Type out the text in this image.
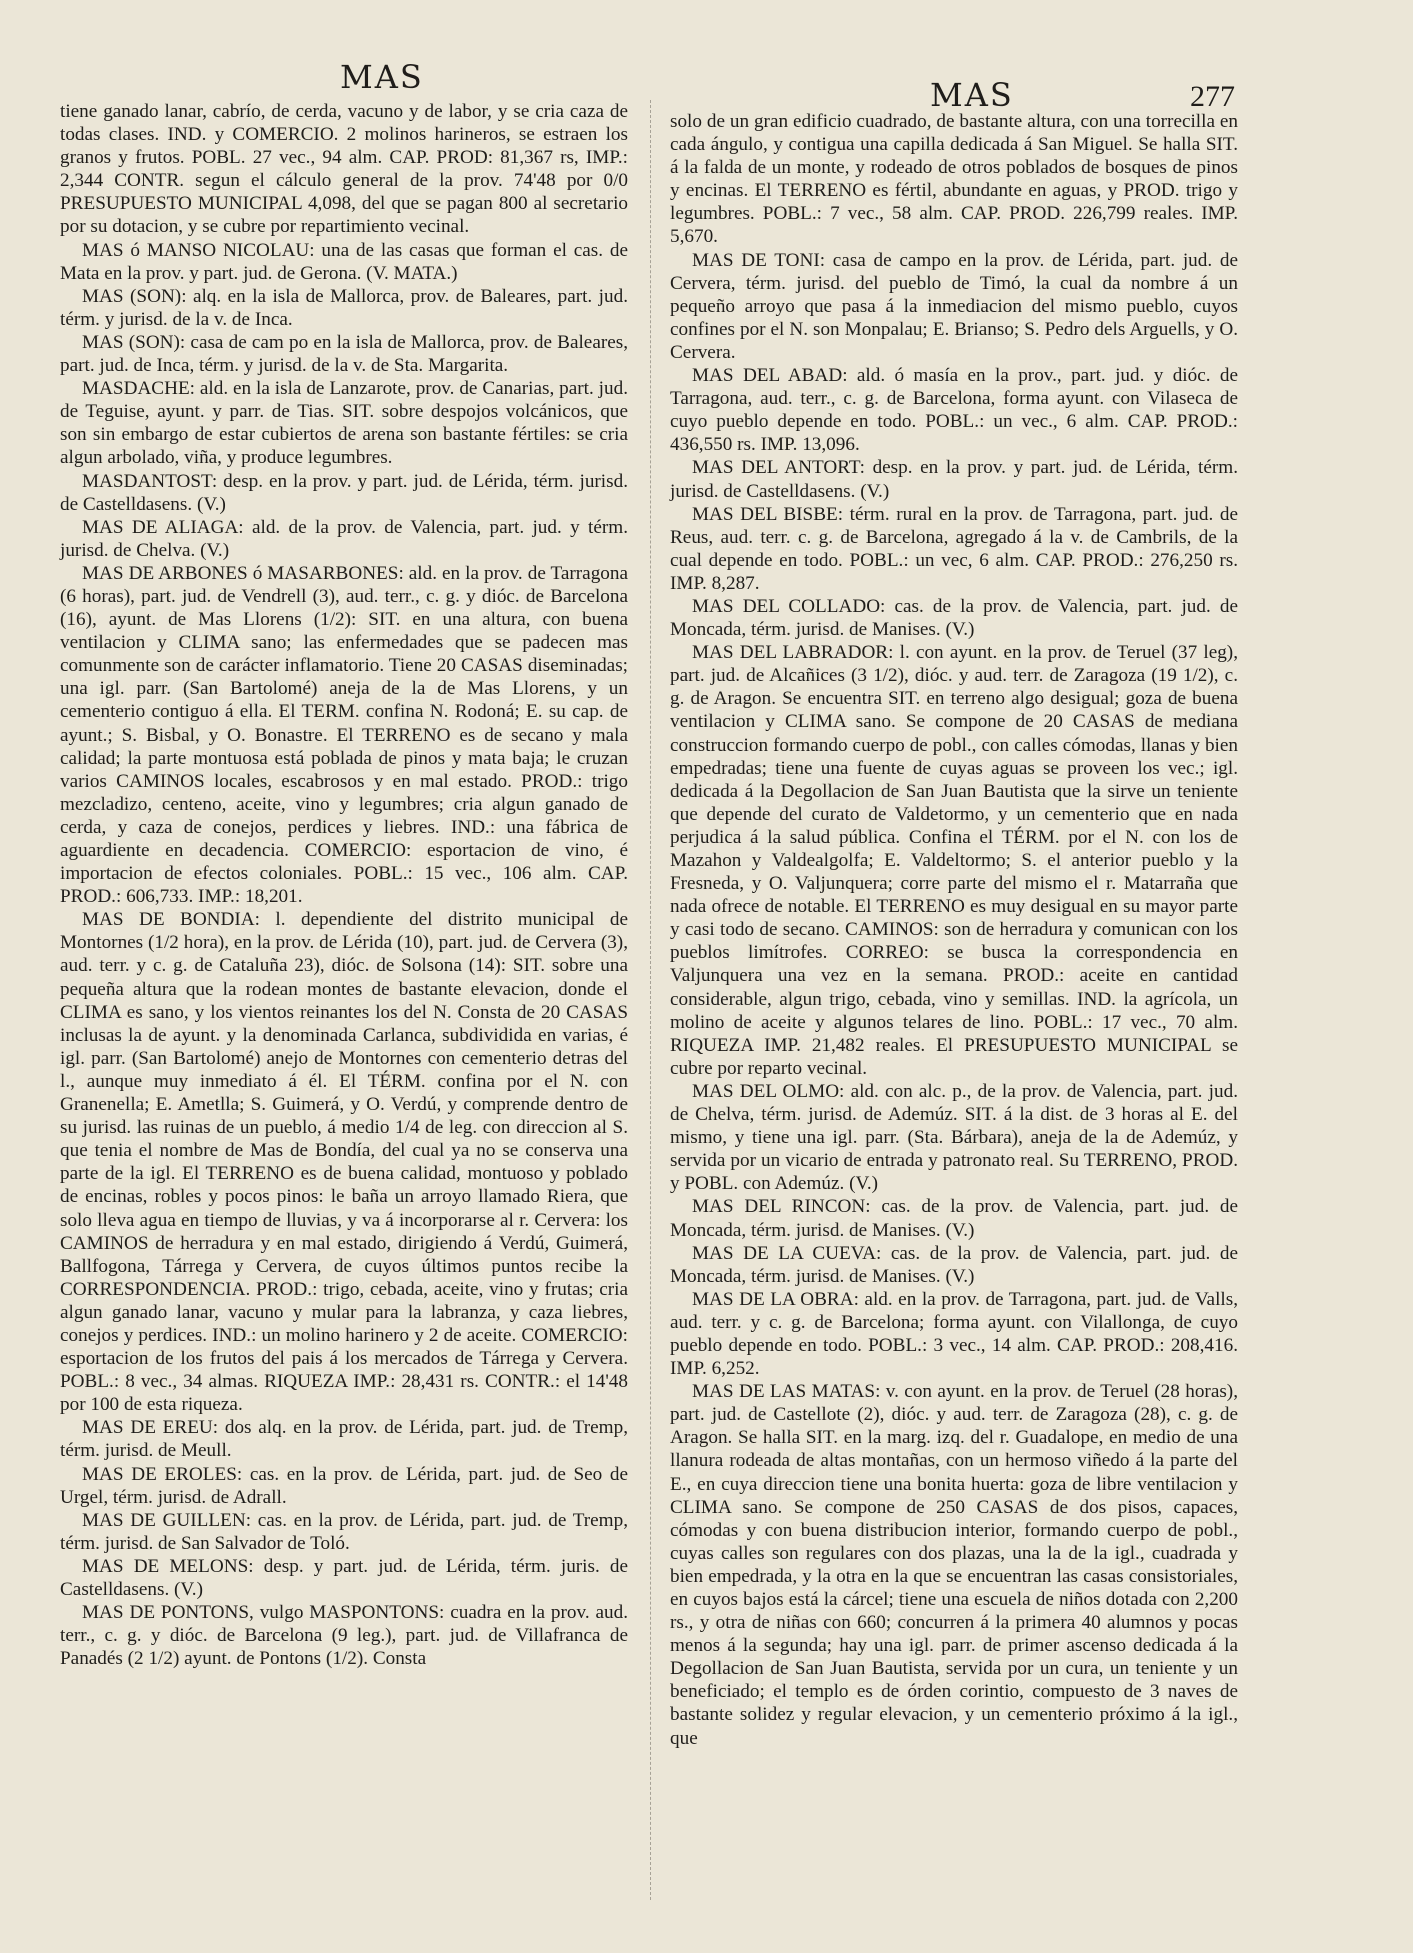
MAS	MAS	277

tiene ganado lanar, cabrío, de cerda, vacuno y de labor, y se cria caza de todas clases. IND. y COMERCIO. 2 molinos harineros, se estraen los granos y frutos. POBL. 27 vec., 94 alm. CAP. PROD: 81,367 rs, IMP.: 2,344 CONTR. segun el cálculo general de la prov. 74'48 por 0/0 PRESUPUESTO MUNICIPAL 4,098, del que se pagan 800 al secretario por su dotacion, y se cubre por repartimiento vecinal.

MAS ó MANSO NICOLAU: una de las casas que forman el cas. de Mata en la prov. y part. jud. de Gerona. (V. MATA.)

MAS (SON): alq. en la isla de Mallorca, prov. de Baleares, part. jud. térm. y jurisd. de la v. de Inca.

MAS (SON): casa de cam po en la isla de Mallorca, prov. de Baleares, part. jud. de Inca, térm. y jurisd. de la v. de Sta. Margarita.

MASDACHE: ald. en la isla de Lanzarote, prov. de Canarias, part. jud. de Teguise, ayunt. y parr. de Tias. SIT. sobre despojos volcánicos, que son sin embargo de estar cubiertos de arena son bastante fértiles: se cria algun arbolado, viña, y produce legumbres.

MASDANTOST: desp. en la prov. y part. jud. de Lérida, térm. jurisd. de Castelldasens. (V.)

MAS DE ALIAGA: ald. de la prov. de Valencia, part. jud. y térm. jurisd. de Chelva. (V.)

MAS DE ARBONES ó MASARBONES: ald. en la prov. de Tarragona (6 horas), part. jud. de Vendrell (3), aud. terr., c. g. y dióc. de Barcelona (16), ayunt. de Mas Llorens (1/2): SIT. en una altura, con buena ventilacion y CLIMA sano; las enfermedades que se padecen mas comunmente son de carácter inflamatorio. Tiene 20 CASAS diseminadas; una igl. parr. (San Bartolomé) aneja de la de Mas Llorens, y un cementerio contiguo á ella. El TERM. confina N. Rodoná; E. su cap. de ayunt.; S. Bisbal, y O. Bonastre. El TERRENO es de secano y mala calidad; la parte montuosa está poblada de pinos y mata baja; le cruzan varios CAMINOS locales, escabrosos y en mal estado. PROD.: trigo mezcladizo, centeno, aceite, vino y legumbres; cria algun ganado de cerda, y caza de conejos, perdices y liebres. IND.: una fábrica de aguardiente en decadencia. COMERCIO: esportacion de vino, é importacion de efectos coloniales. POBL.: 15 vec., 106 alm. CAP. PROD.: 606,733. IMP.: 18,201.

MAS DE BONDIA: l. dependiente del distrito municipal de Montornes (1/2 hora), en la prov. de Lérida (10), part. jud. de Cervera (3), aud. terr. y c. g. de Cataluña 23), dióc. de Solsona (14): SIT. sobre una pequeña altura que la rodean montes de bastante elevacion, donde el CLIMA es sano, y los vientos reinantes los del N. Consta de 20 CASAS inclusas la de ayunt. y la denominada Carlanca, subdividida en varias, é igl. parr. (San Bartolomé) anejo de Montornes con cementerio detras del l., aunque muy inmediato á él. El TÉRM. confina por el N. con Granenella; E. Ametlla; S. Guimerá, y O. Verdú, y comprende dentro de su jurisd. las ruinas de un pueblo, á medio 1/4 de leg. con direccion al S. que tenia el nombre de Mas de Bondía, del cual ya no se conserva una parte de la igl. El TERRENO es de buena calidad, montuoso y poblado de encinas, robles y pocos pinos: le baña un arroyo llamado Riera, que solo lleva agua en tiempo de lluvias, y va á incorporarse al r. Cervera: los CAMINOS de herradura y en mal estado, dirigiendo á Verdú, Guimerá, Ballfogona, Tárrega y Cervera, de cuyos últimos puntos recibe la CORRESPONDENCIA. PROD.: trigo, cebada, aceite, vino y frutas; cria algun ganado lanar, vacuno y mular para la labranza, y caza liebres, conejos y perdices. IND.: un molino harinero y 2 de aceite. COMERCIO: esportacion de los frutos del pais á los mercados de Tárrega y Cervera. POBL.: 8 vec., 34 almas. RIQUEZA IMP.: 28,431 rs. CONTR.: el 14'48 por 100 de esta riqueza.

MAS DE EREU: dos alq. en la prov. de Lérida, part. jud. de Tremp, térm. jurisd. de Meull.

MAS DE EROLES: cas. en la prov. de Lérida, part. jud. de Seo de Urgel, térm. jurisd. de Adrall.

MAS DE GUILLEN: cas. en la prov. de Lérida, part. jud. de Tremp, térm. jurisd. de San Salvador de Toló.

MAS DE MELONS: desp. y part. jud. de Lérida, térm. juris. de Castelldasens. (V.)

MAS DE PONTONS, vulgo MASPONTONS: cuadra en la prov. aud. terr., c. g. y dióc. de Barcelona (9 leg.), part. jud. de Villafranca de Panadés (2 1/2) ayunt. de Pontons (1/2). Consta

solo de un gran edificio cuadrado, de bastante altura, con una torrecilla en cada ángulo, y contigua una capilla dedicada á San Miguel. Se halla SIT. á la falda de un monte, y rodeado de otros poblados de bosques de pinos y encinas. El TERRENO es fértil, abundante en aguas, y PROD. trigo y legumbres. POBL.: 7 vec., 58 alm. CAP. PROD. 226,799 reales. IMP. 5,670.

MAS DE TONI: casa de campo en la prov. de Lérida, part. jud. de Cervera, térm. jurisd. del pueblo de Timó, la cual da nombre á un pequeño arroyo que pasa á la inmediacion del mismo pueblo, cuyos confines por el N. son Monpalau; E. Brianso; S. Pedro dels Arguells, y O. Cervera.

MAS DEL ABAD: ald. ó masía en la prov., part. jud. y dióc. de Tarragona, aud. terr., c. g. de Barcelona, forma ayunt. con Vilaseca de cuyo pueblo depende en todo. POBL.: un vec., 6 alm. CAP. PROD.: 436,550 rs. IMP. 13,096.

MAS DEL ANTORT: desp. en la prov. y part. jud. de Lérida, térm. jurisd. de Castelldasens. (V.)

MAS DEL BISBE: térm. rural en la prov. de Tarragona, part. jud. de Reus, aud. terr. c. g. de Barcelona, agregado á la v. de Cambrils, de la cual depende en todo. POBL.: un vec, 6 alm. CAP. PROD.: 276,250 rs. IMP. 8,287.

MAS DEL COLLADO: cas. de la prov. de Valencia, part. jud. de Moncada, térm. jurisd. de Manises. (V.)

MAS DEL LABRADOR: l. con ayunt. en la prov. de Teruel (37 leg), part. jud. de Alcañices (3 1/2), dióc. y aud. terr. de Zaragoza (19 1/2), c. g. de Aragon. Se encuentra SIT. en terreno algo desigual; goza de buena ventilacion y CLIMA sano. Se compone de 20 CASAS de mediana construccion formando cuerpo de pobl., con calles cómodas, llanas y bien empedradas; tiene una fuente de cuyas aguas se proveen los vec.; igl. dedicada á la Degollacion de San Juan Bautista que la sirve un teniente que depende del curato de Valdetormo, y un cementerio que en nada perjudica á la salud pública. Confina el TÉRM. por el N. con los de Mazahon y Valdealgolfa; E. Valdeltormo; S. el anterior pueblo y la Fresneda, y O. Valjunquera; corre parte del mismo el r. Matarraña que nada ofrece de notable. El TERRENO es muy desigual en su mayor parte y casi todo de secano. CAMINOS: son de herradura y comunican con los pueblos limítrofes. CORREO: se busca la correspondencia en Valjunquera una vez en la semana. PROD.: aceite en cantidad considerable, algun trigo, cebada, vino y semillas. IND. la agrícola, un molino de aceite y algunos telares de lino. POBL.: 17 vec., 70 alm. RIQUEZA IMP. 21,482 reales. El PRESUPUESTO MUNICIPAL se cubre por reparto vecinal.

MAS DEL OLMO: ald. con alc. p., de la prov. de Valencia, part. jud. de Chelva, térm. jurisd. de Ademúz. SIT. á la dist. de 3 horas al E. del mismo, y tiene una igl. parr. (Sta. Bárbara), aneja de la de Ademúz, y servida por un vicario de entrada y patronato real. Su TERRENO, PROD. y POBL. con Ademúz. (V.)

MAS DEL RINCON: cas. de la prov. de Valencia, part. jud. de Moncada, térm. jurisd. de Manises. (V.)

MAS DE LA CUEVA: cas. de la prov. de Valencia, part. jud. de Moncada, térm. jurisd. de Manises. (V.)

MAS DE LA OBRA: ald. en la prov. de Tarragona, part. jud. de Valls, aud. terr. y c. g. de Barcelona; forma ayunt. con Vilallonga, de cuyo pueblo depende en todo. POBL.: 3 vec., 14 alm. CAP. PROD.: 208,416. IMP. 6,252.

MAS DE LAS MATAS: v. con ayunt. en la prov. de Teruel (28 horas), part. jud. de Castellote (2), dióc. y aud. terr. de Zaragoza (28), c. g. de Aragon. Se halla SIT. en la marg. izq. del r. Guadalope, en medio de una llanura rodeada de altas montañas, con un hermoso viñedo á la parte del E., en cuya direccion tiene una bonita huerta: goza de libre ventilacion y CLIMA sano. Se compone de 250 CASAS de dos pisos, capaces, cómodas y con buena distribucion interior, formando cuerpo de pobl., cuyas calles son regulares con dos plazas, una la de la igl., cuadrada y bien empedrada, y la otra en la que se encuentran las casas consistoriales, en cuyos bajos está la cárcel; tiene una escuela de niños dotada con 2,200 rs., y otra de niñas con 660; concurren á la primera 40 alumnos y pocas menos á la segunda; hay una igl. parr. de primer ascenso dedicada á la Degollacion de San Juan Bautista, servida por un cura, un teniente y un beneficiado; el templo es de órden corintio, compuesto de 3 naves de bastante solidez y regular elevacion, y un cementerio próximo á la igl., que
